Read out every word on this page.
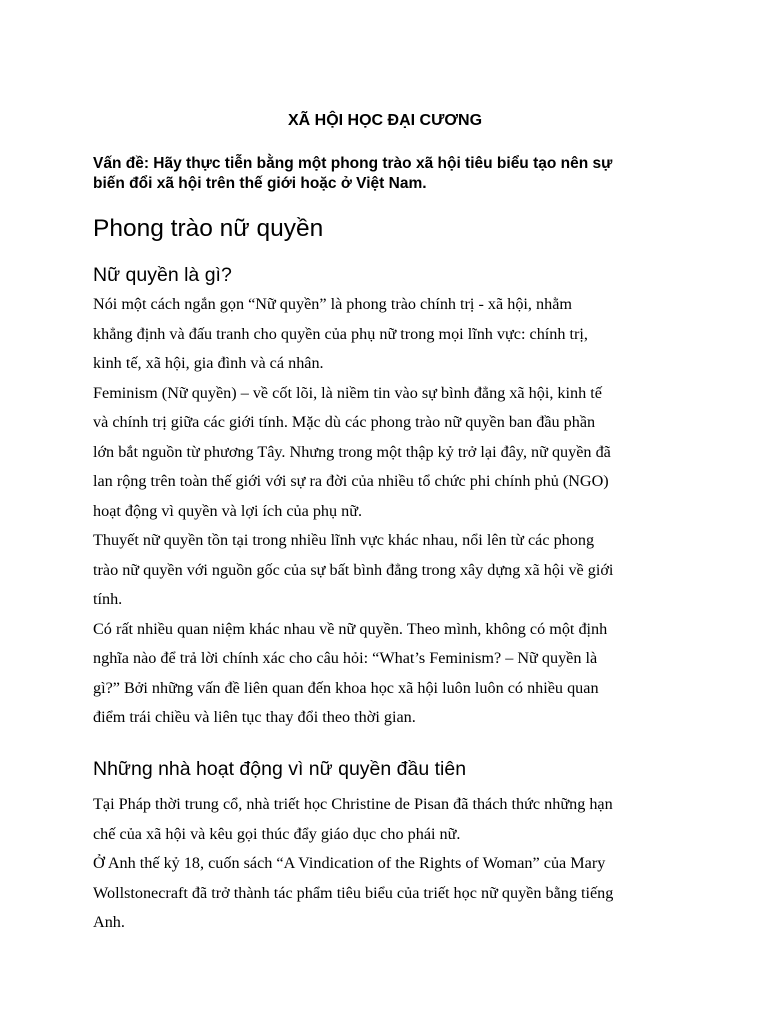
XÃ HỘI HỌC ĐẠI CƯƠNG
Vấn đề: Hãy thực tiễn bằng một phong trào xã hội tiêu biểu tạo nên sự
biến đổi xã hội trên thế giới hoặc ở Việt Nam.
Phong trào nữ quyền
Nữ quyền là gì?
Nói một cách ngắn gọn “Nữ quyền” là phong trào chính trị - xã hội, nhằm
khẳng định và đấu tranh cho quyền của phụ nữ trong mọi lĩnh vực: chính trị,
kinh tế, xã hội, gia đình và cá nhân.
Feminism (Nữ quyền) – về cốt lõi, là niềm tin vào sự bình đẳng xã hội, kinh tế
và chính trị giữa các giới tính. Mặc dù các phong trào nữ quyền ban đầu phần
lớn bắt nguồn từ phương Tây. Nhưng trong một thập kỷ trở lại đây, nữ quyền đã
lan rộng trên toàn thế giới với sự ra đời của nhiều tổ chức phi chính phủ (NGO)
hoạt động vì quyền và lợi ích của phụ nữ.
Thuyết nữ quyền tồn tại trong nhiều lĩnh vực khác nhau, nổi lên từ các phong
trào nữ quyền với nguồn gốc của sự bất bình đẳng trong xây dựng xã hội về giới
tính.
Có rất nhiều quan niệm khác nhau về nữ quyền. Theo mình, không có một định
nghĩa nào để trả lời chính xác cho câu hỏi: “What’s Feminism? – Nữ quyền là
gì?” Bởi những vấn đề liên quan đến khoa học xã hội luôn luôn có nhiều quan
điểm trái chiều và liên tục thay đổi theo thời gian.
Những nhà hoạt động vì nữ quyền đầu tiên
Tại Pháp thời trung cổ, nhà triết học Christine de Pisan đã thách thức những hạn
chế của xã hội và kêu gọi thúc đẩy giáo dục cho phái nữ.
Ở Anh thế kỷ 18, cuốn sách “A Vindication of the Rights of Woman” của Mary
Wollstonecraft đã trở thành tác phẩm tiêu biểu của triết học nữ quyền bằng tiếng
Anh.
